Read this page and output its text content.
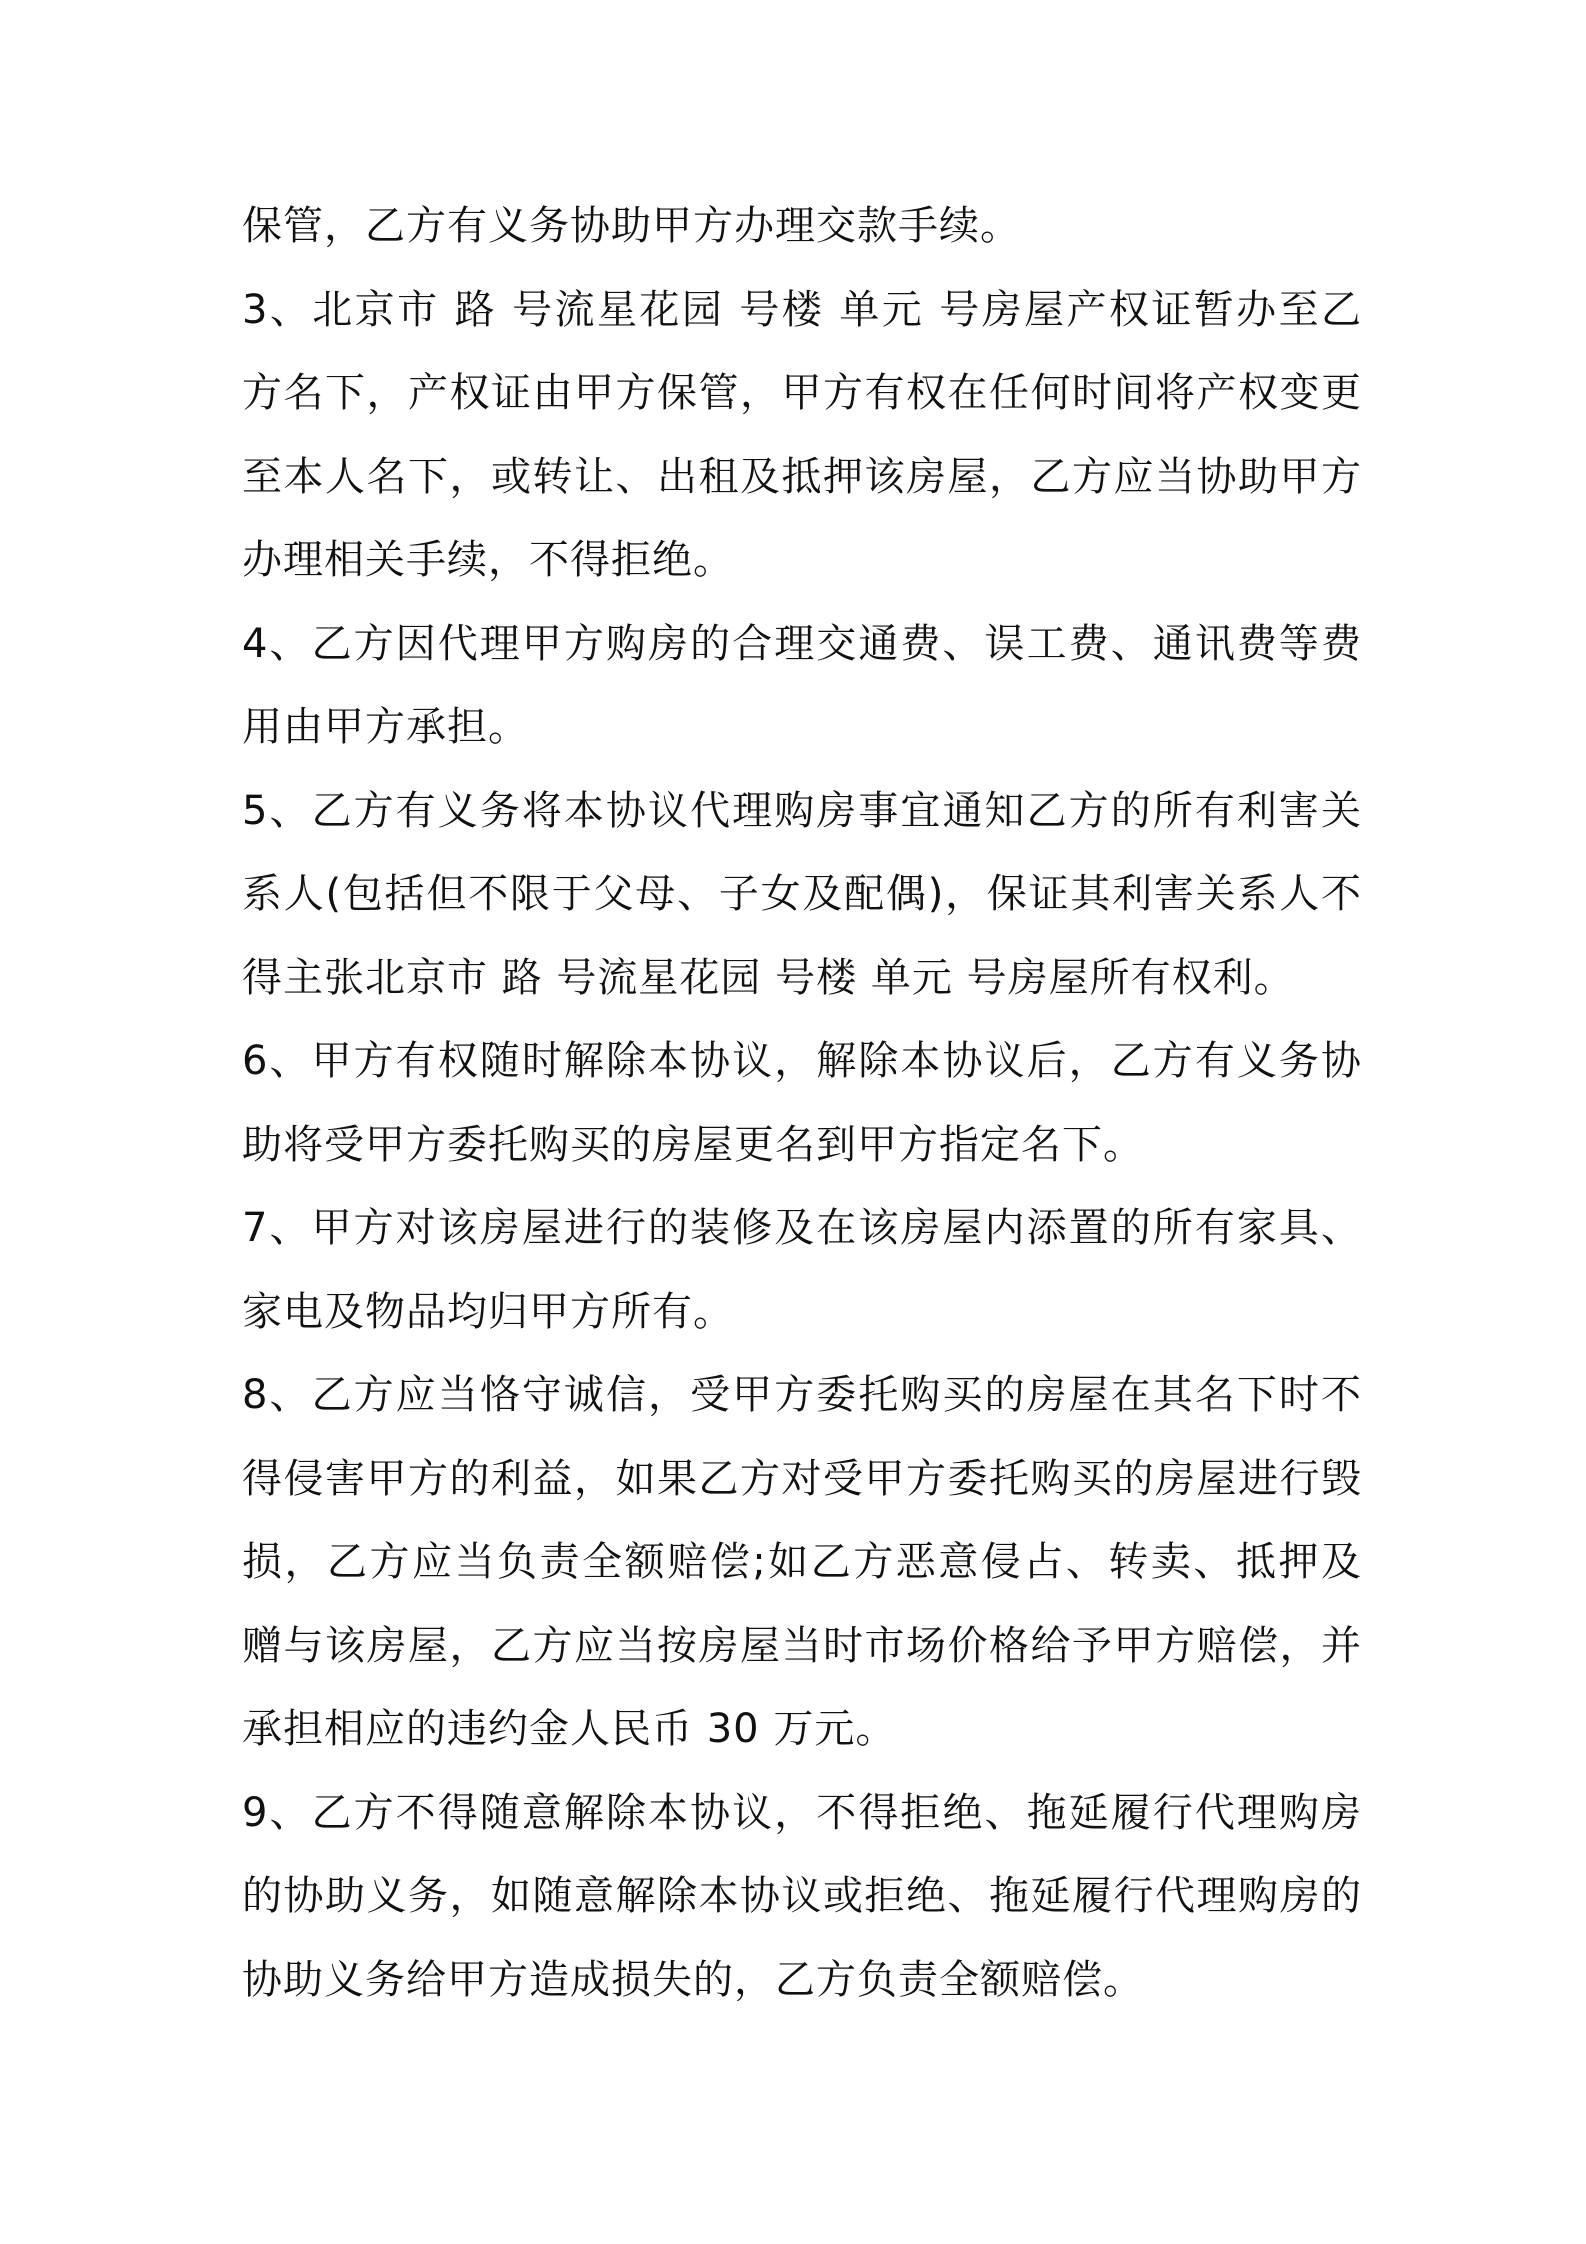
保管，乙方有义务协助甲方办理交款手续。

3、北京市 路 号流星花园 号楼 单元 号房屋产权证暂办至乙方名下，产权证由甲方保管，甲方有权在任何时间将产权变更至本人名下，或转让、出租及抵押该房屋，乙方应当协助甲方办理相关手续，不得拒绝。

4、乙方因代理甲方购房的合理交通费、误工费、通讯费等费用由甲方承担。

5、乙方有义务将本协议代理购房事宜通知乙方的所有利害关系人(包括但不限于父母、子女及配偶)，保证其利害关系人不得主张北京市 路 号流星花园 号楼 单元 号房屋所有权利。

6、甲方有权随时解除本协议，解除本协议后，乙方有义务协助将受甲方委托购买的房屋更名到甲方指定名下。

7、甲方对该房屋进行的装修及在该房屋内添置的所有家具、家电及物品均归甲方所有。

8、乙方应当恪守诚信，受甲方委托购买的房屋在其名下时不得侵害甲方的利益，如果乙方对受甲方委托购买的房屋进行毁损，乙方应当负责全额赔偿;如乙方恶意侵占、转卖、抵押及赠与该房屋，乙方应当按房屋当时市场价格给予甲方赔偿，并承担相应的违约金人民币 30 万元。

9、乙方不得随意解除本协议，不得拒绝、拖延履行代理购房的协助义务，如随意解除本协议或拒绝、拖延履行代理购房的协助义务给甲方造成损失的，乙方负责全额赔偿。
